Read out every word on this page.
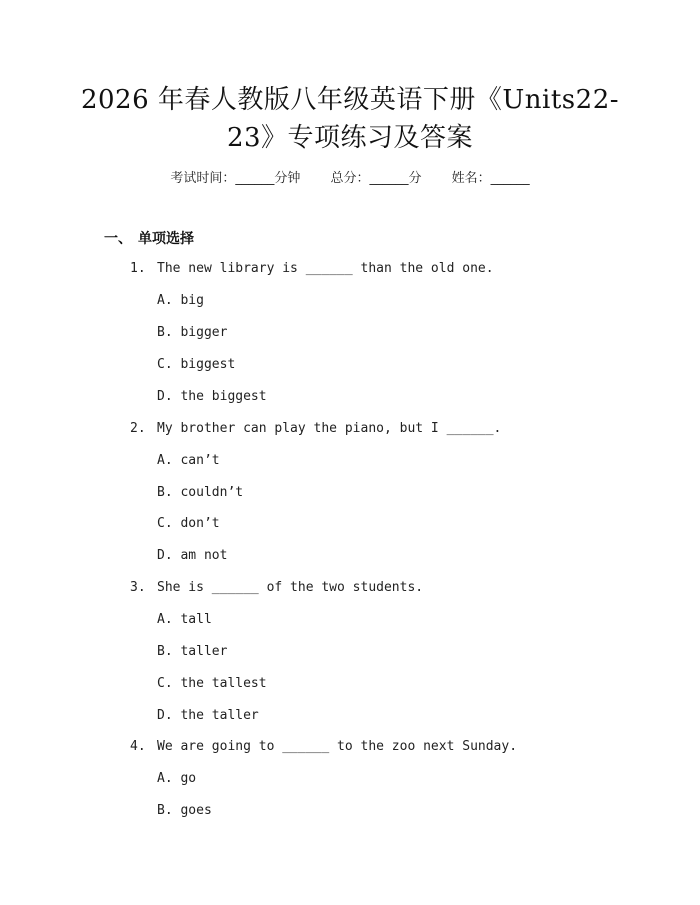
2026 年春人教版八年级英语下册《Units22-
23》专项练习及答案
考试时间：______分钟 总分：______分 姓名：______
一、 单项选择
1. The new library is ______ than the old one.
A. big
B. bigger
C. biggest
D. the biggest
2. My brother can play the piano, but I ______.
A. can’t
B. couldn’t
C. don’t
D. am not
3. She is ______ of the two students.
A. tall
B. taller
C. the tallest
D. the taller
4. We are going to ______ to the zoo next Sunday.
A. go
B. goes
